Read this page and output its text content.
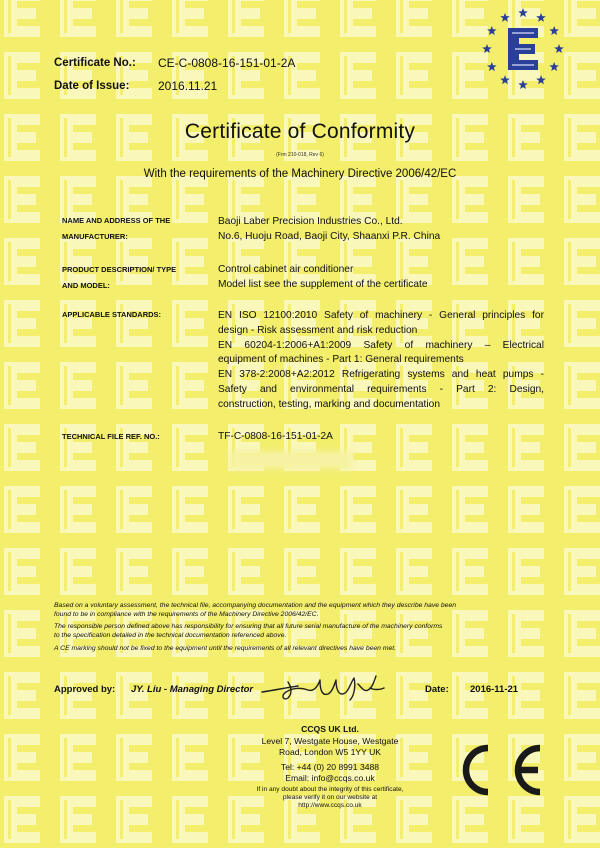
Certificate No.: CE-C-0808-16-151-01-2A
Date of Issue: 2016.11.21
Certificate of Conformity
(Frm 210-018, Rev 6)
With the requirements of the Machinery Directive 2006/42/EC
NAME AND ADDRESS OF THE
MANUFACTURER:
Baoji Laber Precision Industries Co., Ltd.
No.6, Huoju Road, Baoji City, Shaanxi P.R. China
PRODUCT DESCRIPTION/ TYPE
AND MODEL:
Control cabinet air conditioner
Model list see the supplement of the certificate
APPLICABLE STANDARDS:	EN ISO 12100:2010 Safety of machinery - General principles for
design - Risk assessment and risk reduction
EN 60204-1:2006+A1:2009 Safety of machinery – Electrical
equipment of machines - Part 1: General requirements
EN 378-2:2008+A2:2012 Refrigerating systems and heat pumps -
Safety and environmental requirements - Part 2: Design,
construction, testing, marking and documentation
TECHNICAL FILE REF. NO.:	TF-C-0808-16-151-01-2A
Based on a voluntary assessment, the technical file, accompanying documentation and the equipment which they describe have been
found to be in compliance with the requirements of the Machinery Directive 2006/42/EC.
The responsible person defined above has responsibility for ensuring that all future serial manufacture of the machinery conforms
to the specification detailed in the technical documentation referenced above.
A CE marking should not be fixed to the equipment until the requirements of all relevant directives have been met.
Approved by: JY. Liu - Managing Director	Date: 2016-11-21
CCQS UK Ltd.
Level 7, Westgate House, Westgate
Road, London W5 1YY UK
Tel: +44 (0) 20 8991 3488
Email: info@ccqs.co.uk
If in any doubt about the integrity of this certificate,
please verify it on our website at
http://www.ccqs.co.uk
